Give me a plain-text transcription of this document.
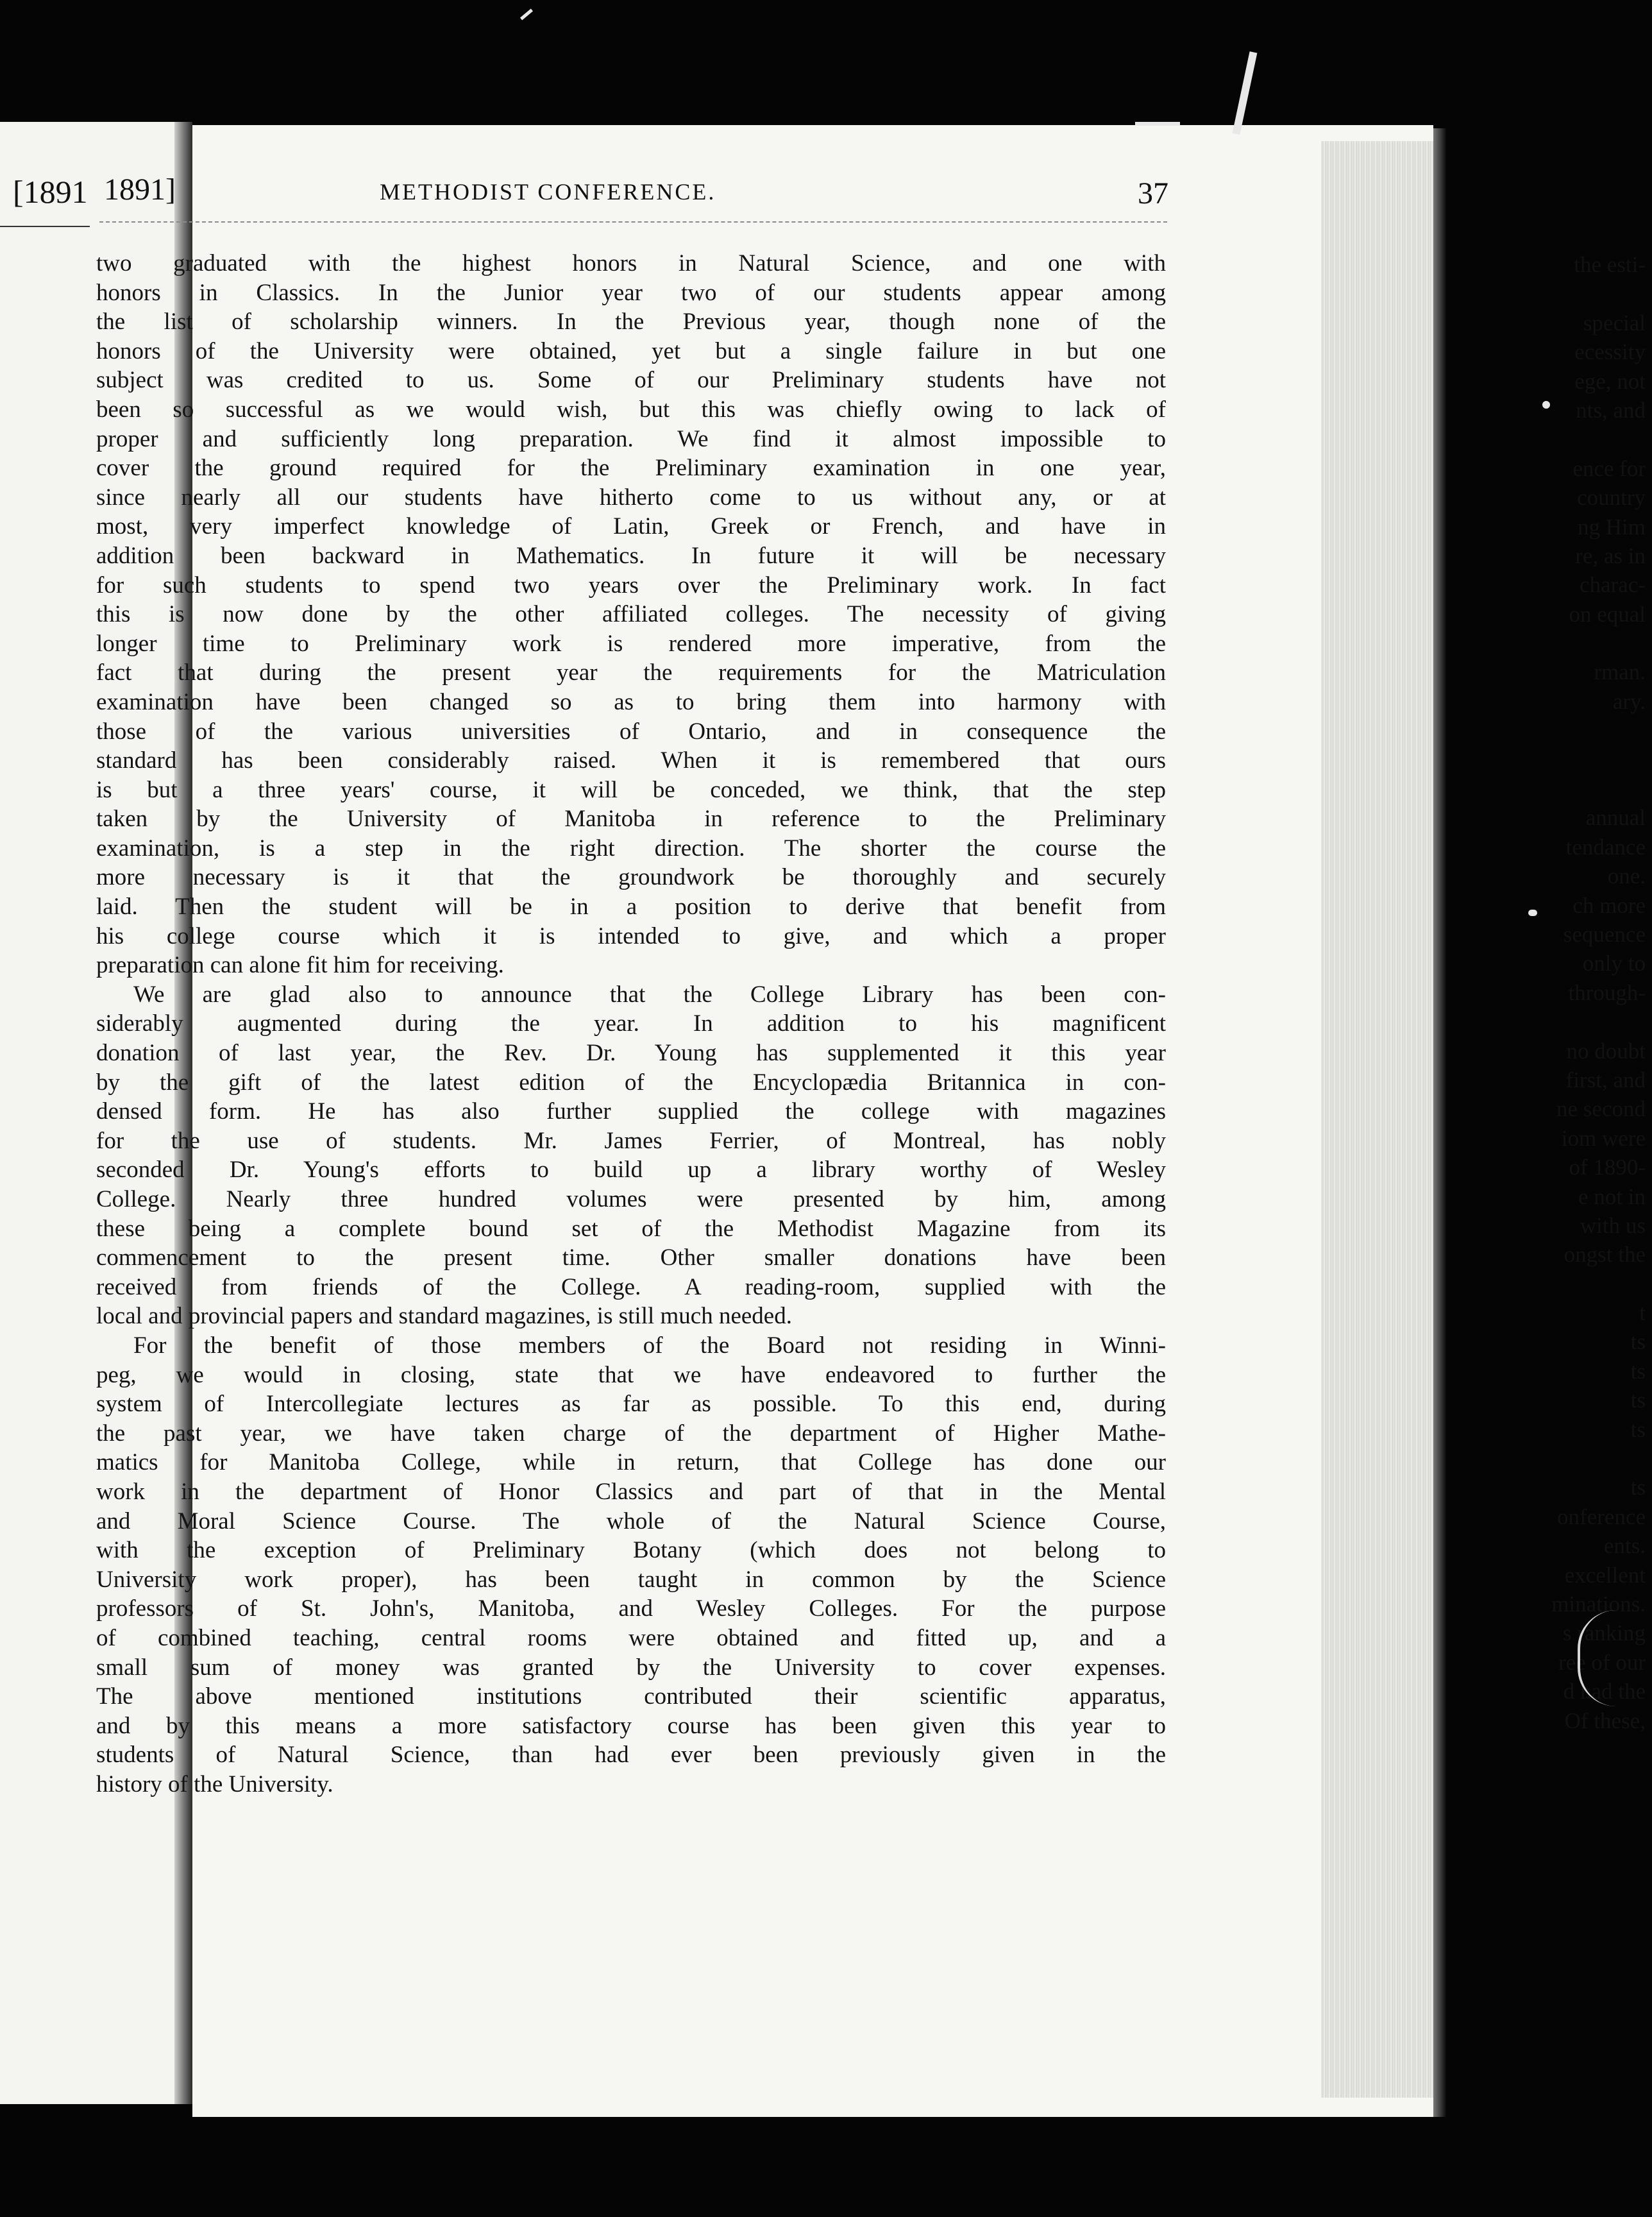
[1891
the esti-
special
ecessity
ege, not
nts, and
ence for
country
ng Him
re, as in
charac-
on equal
rman.
ary.
annual
tendance
one.
ch more
sequence
only to
through-
no doubt
first, and
ne second
iom were
of 1890-
e not in
with us
ongst the
t
ts
ts
ts
ts
ts
onference
ents.
excellent
minations.
s ranking
ree of our
d had the
Of these,
1891]	METHODIST CONFERENCE.	37
two graduated with the highest honors in Natural Science, and one with
honors in Classics. In the Junior year two of our students appear among
the list of scholarship winners. In the Previous year, though none of the
honors of the University were obtained, yet but a single failure in but one
subject was credited to us. Some of our Preliminary students have not
been so successful as we would wish, but this was chiefly owing to lack of
proper and sufficiently long preparation. We find it almost impossible to
cover the ground required for the Preliminary examination in one year,
since nearly all our students have hitherto come to us without any, or at
most, very imperfect knowledge of Latin, Greek or French, and have in
addition been backward in Mathematics. In future it will be necessary
for such students to spend two years over the Preliminary work. In fact
this is now done by the other affiliated colleges. The necessity of giving
longer time to Preliminary work is rendered more imperative, from the
fact that during the present year the requirements for the Matriculation
examination have been changed so as to bring them into harmony with
those of the various universities of Ontario, and in consequence the
standard has been considerably raised. When it is remembered that ours
is but a three years' course, it will be conceded, we think, that the step
taken by the University of Manitoba in reference to the Preliminary
examination, is a step in the right direction. The shorter the course the
more necessary is it that the groundwork be thoroughly and securely
laid. Then the student will be in a position to derive that benefit from
his college course which it is intended to give, and which a proper
preparation can alone fit him for receiving.
We are glad also to announce that the College Library has been con-
siderably augmented during the year. In addition to his magnificent
donation of last year, the Rev. Dr. Young has supplemented it this year
by the gift of the latest edition of the Encyclopædia Britannica in con-
densed form. He has also further supplied the college with magazines
for the use of students. Mr. James Ferrier, of Montreal, has nobly
seconded Dr. Young's efforts to build up a library worthy of Wesley
College. Nearly three hundred volumes were presented by him, among
these being a complete bound set of the Methodist Magazine from its
commencement to the present time. Other smaller donations have been
received from friends of the College. A reading-room, supplied with the
local and provincial papers and standard magazines, is still much needed.
For the benefit of those members of the Board not residing in Winni-
peg, we would in closing, state that we have endeavored to further the
system of Intercollegiate lectures as far as possible. To this end, during
the past year, we have taken charge of the department of Higher Mathe-
matics for Manitoba College, while in return, that College has done our
work in the department of Honor Classics and part of that in the Mental
and Moral Science Course. The whole of the Natural Science Course,
with the exception of Preliminary Botany (which does not belong to
University work proper), has been taught in common by the Science
professors of St. John's, Manitoba, and Wesley Colleges. For the purpose
of combined teaching, central rooms were obtained and fitted up, and a
small sum of money was granted by the University to cover expenses.
The above mentioned institutions contributed their scientific apparatus,
and by this means a more satisfactory course has been given this year to
students of Natural Science, than had ever been previously given in the
history of the University.
